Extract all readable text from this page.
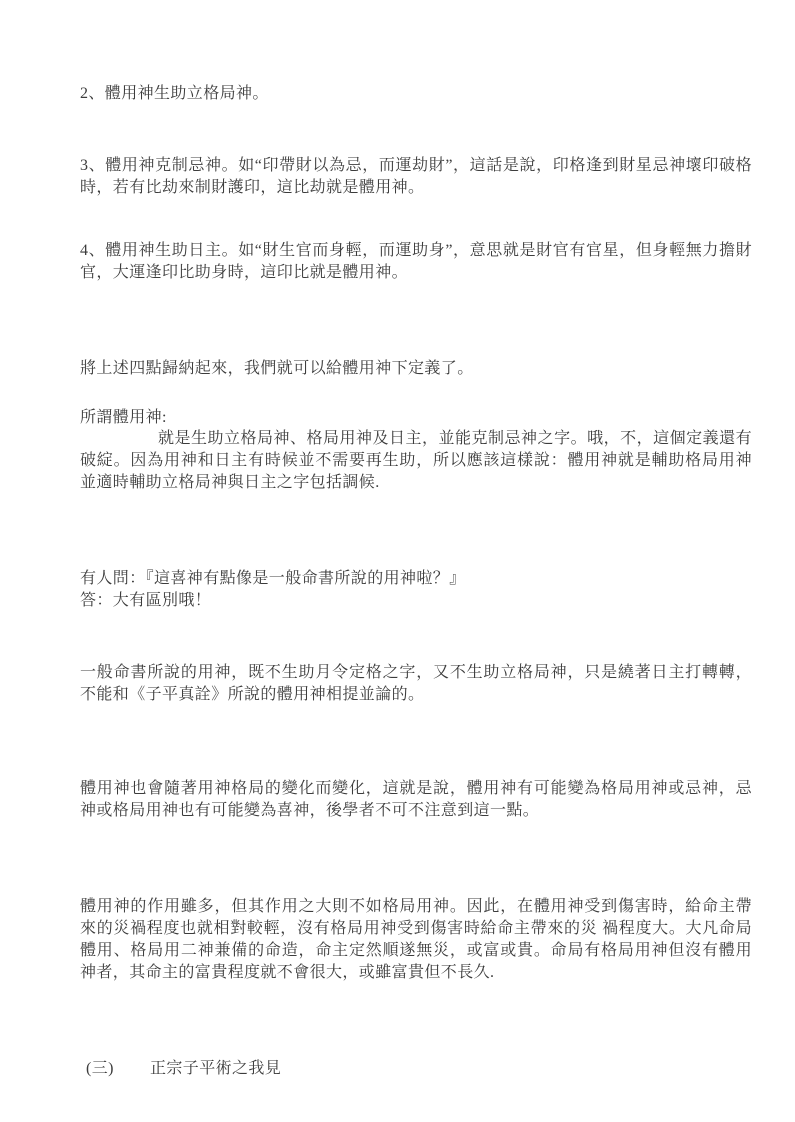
2、體用神生助立格局神。

3、體用神克制忌神。如“印帶財以為忌，而運劫財”，這話是說，印格逢到財星忌神壞印破格時，若有比劫來制財護印，這比劫就是體用神。

4、體用神生助日主。如“財生官而身輕，而運助身”，意思就是財官有官星，但身輕無力擔財官，大運逢印比助身時，這印比就是體用神。

將上述四點歸納起來，我們就可以給體用神下定義了。

所謂體用神:

就是生助立格局神、格局用神及日主，並能克制忌神之字。哦，不，這個定義還有破綻。因為用神和日主有時候並不需要再生助，所以應該這樣說：體用神就是輔助格局用神並適時輔助立格局神與日主之字包括調候.

有人問：『這喜神有點像是一般命書所說的用神啦？』

答：大有區別哦！

一般命書所說的用神，既不生助月令定格之字，又不生助立格局神，只是繞著日主打轉轉，不能和《子平真詮》所說的體用神相提並論的。

體用神也會隨著用神格局的變化而變化，這就是說，體用神有可能變為格局用神或忌神，忌神或格局用神也有可能變為喜神，後學者不可不注意到這一點。

體用神的作用雖多，但其作用之大則不如格局用神。因此，在體用神受到傷害時，給命主帶來的災禍程度也就相對較輕，沒有格局用神受到傷害時給命主帶來的災 禍程度大。大凡命局體用、格局用二神兼備的命造，命主定然順遂無災，或富或貴。命局有格局用神但沒有體用神者，其命主的富貴程度就不會很大，或雖富貴但不長久.

(三) 正宗子平術之我見
